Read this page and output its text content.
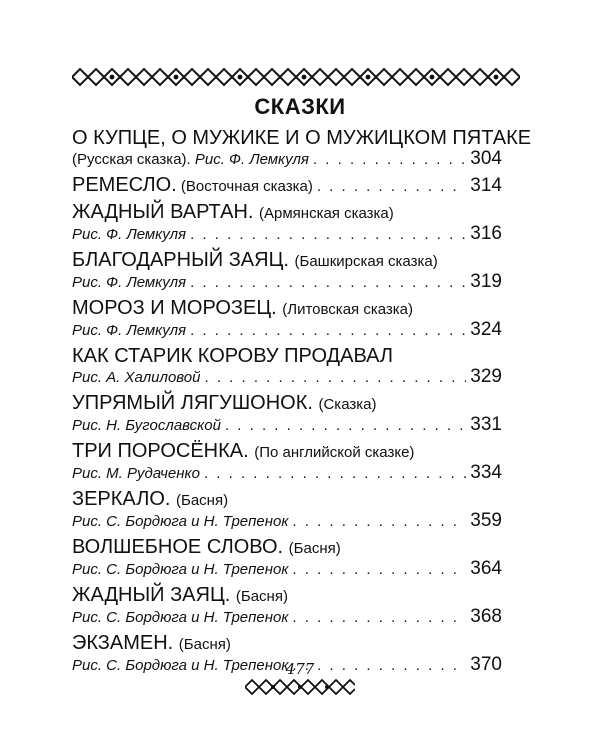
СКАЗКИ
О КУПЦЕ, О МУЖИКЕ И О МУЖИЦКОМ ПЯТАКЕ
(Русская сказка).
Рис. Ф. Лемкуля . . .	304
РЕМЕСЛО.
(Восточная сказка) . . .	314
ЖАДНЫЙ ВАРТАН. (Армянская сказка)
Рис. Ф. Лемкуля . . .	316
БЛАГОДАРНЫЙ ЗАЯЦ. (Башкирская сказка)
Рис. Ф. Лемкуля . . .	319
МОРОЗ И МОРОЗЕЦ. (Литовская сказка)
Рис. Ф. Лемкуля . . .	324
КАК СТАРИК КОРОВУ ПРОДАВАЛ
Рис. А. Халиловой . . .	329
УПРЯМЫЙ ЛЯГУШОНОК. (Сказка)
Рис. Н. Бугославской . . .	331
ТРИ ПОРОСЁНКА. (По английской сказке)
Рис. М. Рудаченко . . .	334
ЗЕРКАЛО. (Басня)
Рис. С. Бордюга и Н. Трепенок . . .	359
ВОЛШЕБНОЕ СЛОВО. (Басня)
Рис. С. Бордюга и Н. Трепенок . . .	364
ЖАДНЫЙ ЗАЯЦ. (Басня)
Рис. С. Бордюга и Н. Трепенок . . .	368
ЭКЗАМЕН. (Басня)
Рис. С. Бордюга и Н. Трепенок . . .	370
477
